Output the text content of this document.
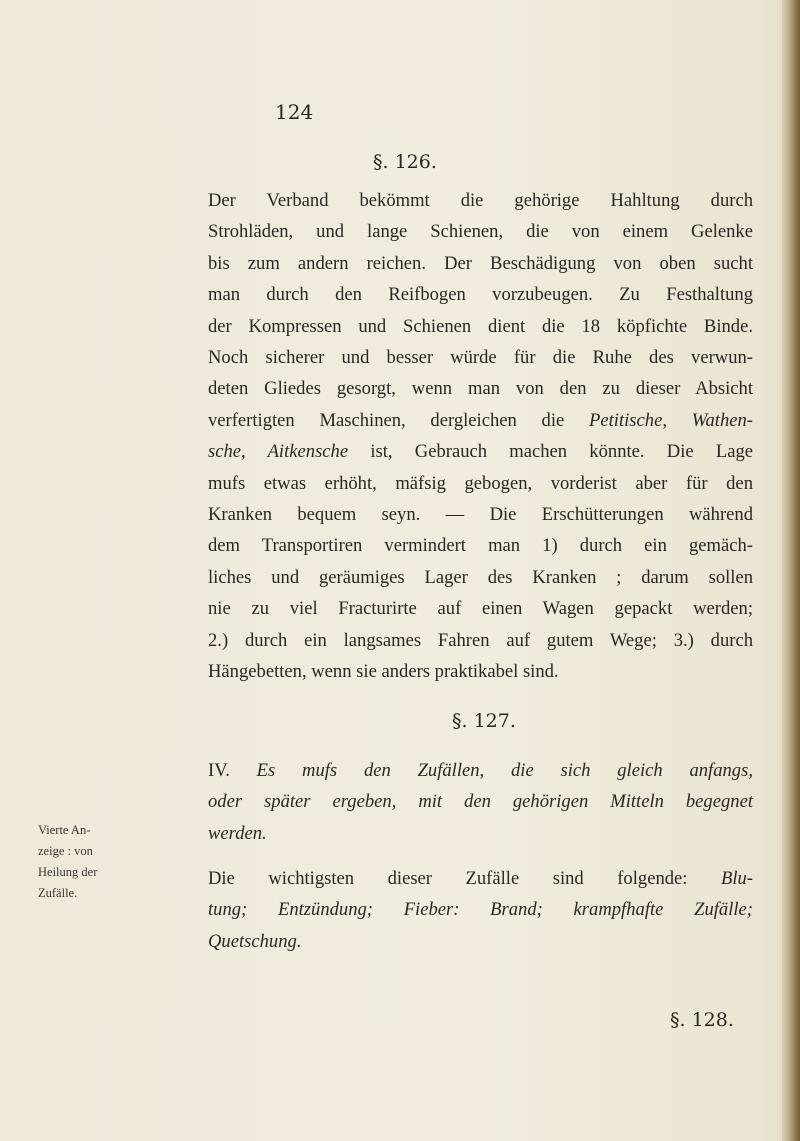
124
§. 126.
Der Verband bekömmt die gehörige Hahltung durch
Strohläden, und lange Schienen, die von einem Gelenke
bis zum andern reichen. Der Beschädigung von oben sucht
man durch den Reifbogen vorzubeugen. Zu Festhaltung
der Kompressen und Schienen dient die 18 köpfichte Binde.
Noch sicherer und besser würde für die Ruhe des verwun-
deten Gliedes gesorgt, wenn man von den zu dieser Absicht
verfertigten Maschinen, dergleichen die Petitische, Wathen-
sche, Aitkensche ist, Gebrauch machen könnte. Die Lage
mufs etwas erhöht, mäfsig gebogen, vorderist aber für den
Kranken bequem seyn. — Die Erschütterungen während
dem Transportiren vermindert man 1) durch ein gemäch-
liches und geräumiges Lager des Kranken ; darum sollen
nie zu viel Fracturirte auf einen Wagen gepackt werden;
2.) durch ein langsames Fahren auf gutem Wege; 3.) durch
Hängebetten, wenn sie anders praktikabel sind.
§. 127.
Vierte An-
zeige : von
Heilung der
Zufälle.
IV. Es mufs den Zufällen, die sich gleich anfangs,
oder später ergeben, mit den gehörigen Mitteln begegnet
werden.
Die wichtigsten dieser Zufälle sind folgende: Blu-
tung; Entzündung; Fieber: Brand; krampfhafte Zufälle;
Quetschung.
§. 128.
